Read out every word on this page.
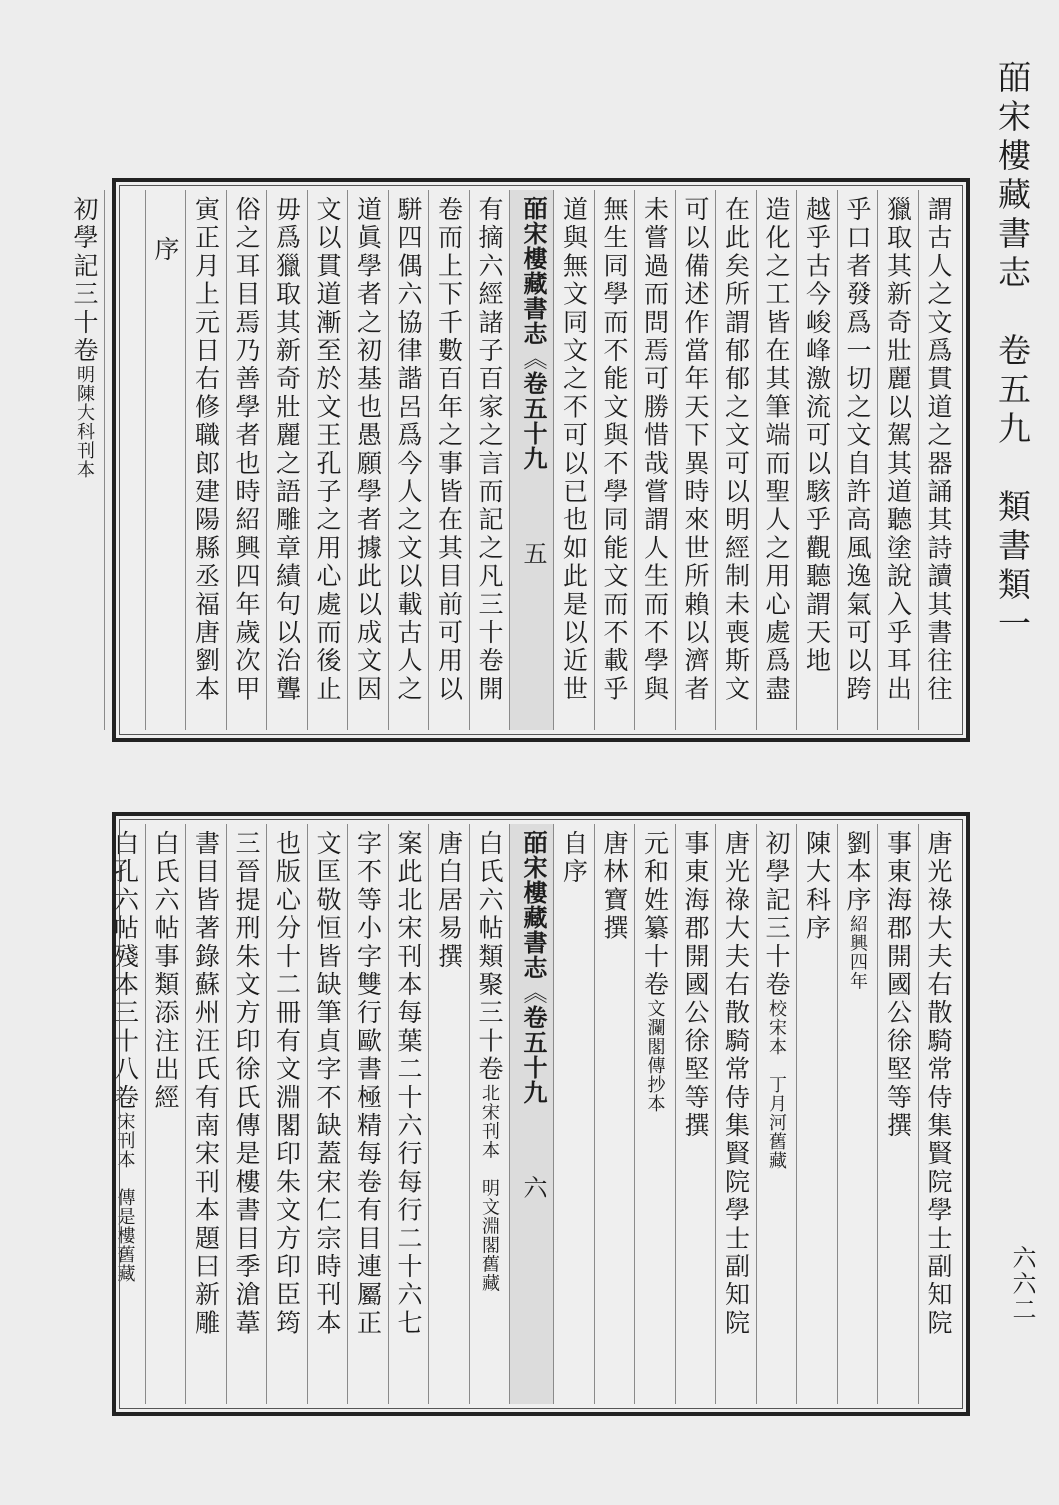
皕宋樓藏書志　卷五九　類書類一
六六二
謂古人之文爲貫道之器誦其詩讀其書往往
獵取其新奇壯麗以駕其道聽塗說入乎耳出
乎口者發爲一切之文自許高風逸氣可以跨
越乎古今峻峰激流可以駭乎觀聽謂天地
造化之工皆在其筆端而聖人之用心處爲盡
在此矣所謂郁郁之文可以明經制未喪斯文
可以備述作當年天下異時來世所賴以濟者
未嘗過而問焉可勝惜哉嘗謂人生而不學與
無生同學而不能文與不學同能文而不載乎
道與無文同文之不可以已也如此是以近世
皕宋樓藏書志《卷五十九五
有摘六經諸子百家之言而記之凡三十卷開
卷而上下千數百年之事皆在其目前可用以
駢四偶六協律諧呂爲今人之文以載古人之
道眞學者之初基也愚願學者據此以成文因
文以貫道漸至於文王孔子之用心處而後止
毋爲獵取其新奇壯麗之語雕章績句以治聾
俗之耳目焉乃善學者也時紹興四年歲次甲
寅正月上元日右修職郎建陽縣丞福唐劉本
序
初學記三十卷明陳大科刊本
唐光祿大夫右散騎常侍集賢院學士副知院
事東海郡開國公徐堅等撰
劉本序紹興四年
陳大科序
初學記三十卷校宋本　丁月河舊藏
唐光祿大夫右散騎常侍集賢院學士副知院
事東海郡開國公徐堅等撰
元和姓纂十卷文瀾閣傳抄本
唐林寶撰
自序
皕宋樓藏書志《卷五十九六
白氏六帖類聚三十卷北宋刊本　明文淵閣舊藏
唐白居易撰
案此北宋刊本每葉二十六行每行二十六七
字不等小字雙行歐書極精每卷有目連屬正
文匡敬恒皆缺筆貞字不缺蓋宋仁宗時刊本
也版心分十二冊有文淵閣印朱文方印臣筠
三晉提刑朱文方印徐氏傳是樓書目季滄葦
書目皆著錄蘇州汪氏有南宋刊本題曰新雕
白氏六帖事類添注出經
白孔六帖殘本三十八卷宋刊本　傳是樓舊藏
